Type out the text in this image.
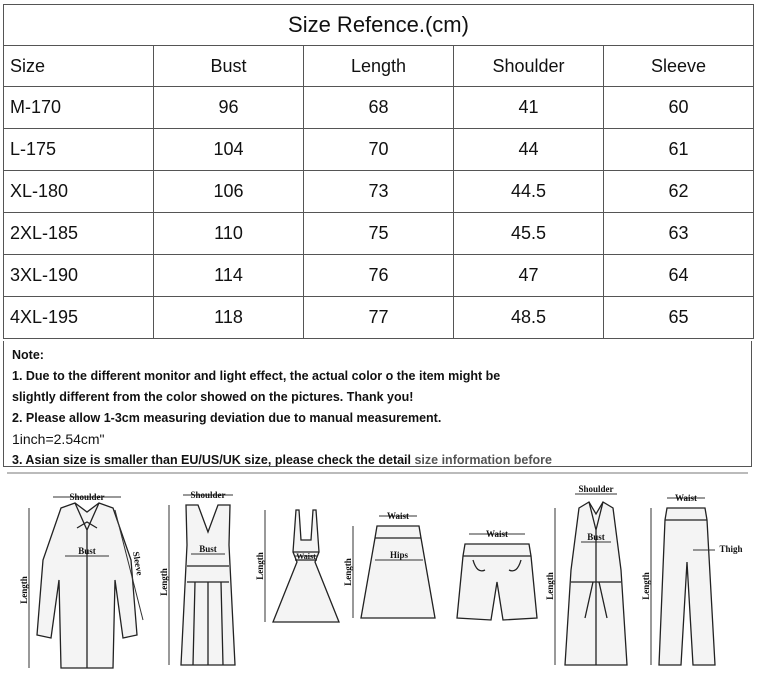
Size Refence.(cm)				
Size	Bust	Length	Shoulder	Sleeve
M-170	96	68	41	60
L-175	104	70	44	61
XL-180	106	73	44.5	62
2XL-185	110	75	45.5	63
3XL-190	114	76	47	64
4XL-195	118	77	48.5	65
Note:
1. Due to the different monitor and light effect, the actual color o the item might be
slightly different from the color showed on the pictures. Thank you!
2. Please allow 1-3cm measuring deviation due to manual measurement.
1inch=2.54cm"
3. Asian size is smaller than EU/US/UK size, please check the detail size information before
Shoulder
Bust
Length
Sleeve
Shoulder
Bust
Length
Waist
Length
Waist
Hips
Length
Waist
Shoulder
Bust
Length
Waist
Thigh
Length
